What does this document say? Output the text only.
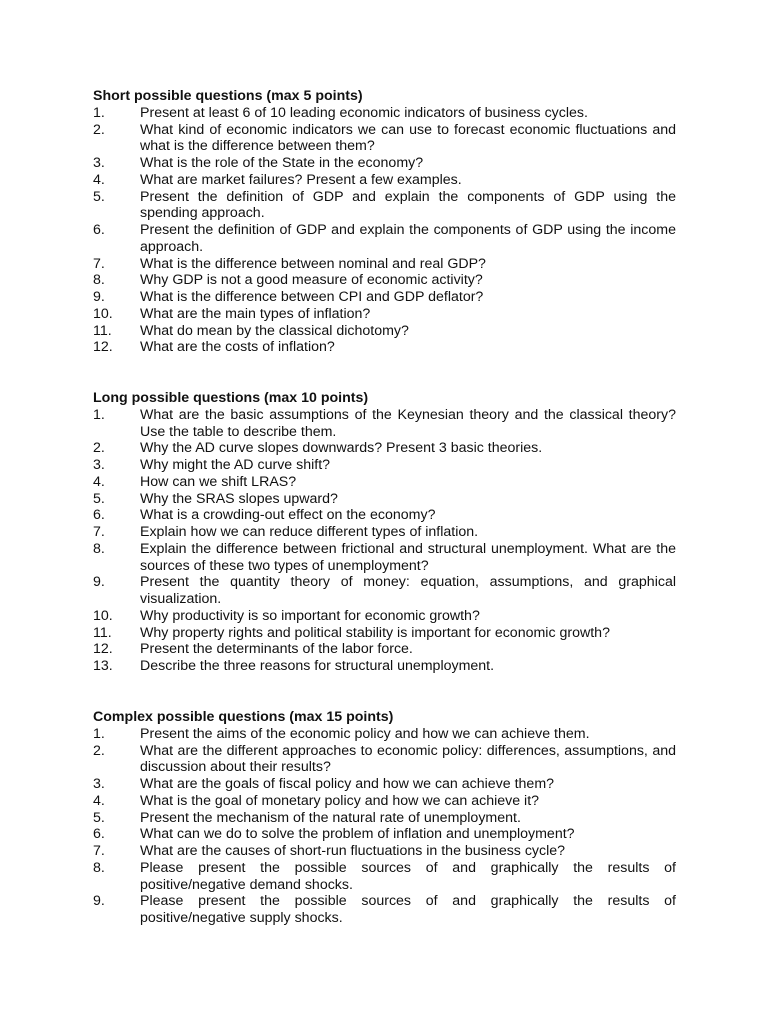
Short possible questions (max 5 points)

1.	Present at least 6 of 10 leading economic indicators of business cycles.
2.	What kind of economic indicators we can use to forecast economic fluctuations and what is the difference between them?
3.	What is the role of the State in the economy?
4.	What are market failures? Present a few examples.
5.	Present the definition of GDP and explain the components of GDP using the spending approach.
6.	Present the definition of GDP and explain the components of GDP using the income approach.
7.	What is the difference between nominal and real GDP?
8.	Why GDP is not a good measure of economic activity?
9.	What is the difference between CPI and GDP deflator?
10.	What are the main types of inflation?
11.	What do mean by the classical dichotomy?
12.	What are the costs of inflation?

Long possible questions (max 10 points)

1.	What are the basic assumptions of the Keynesian theory and the classical theory? Use the table to describe them.
2.	Why the AD curve slopes downwards? Present 3 basic theories.
3.	Why might the AD curve shift?
4.	How can we shift LRAS?
5.	Why the SRAS slopes upward?
6.	What is a crowding-out effect on the economy?
7.	Explain how we can reduce different types of inflation.
8.	Explain the difference between frictional and structural unemployment. What are the sources of these two types of unemployment?
9.	Present the quantity theory of money: equation, assumptions, and graphical visualization.
10.	Why productivity is so important for economic growth?
11.	Why property rights and political stability is important for economic growth?
12.	Present the determinants of the labor force.
13.	Describe the three reasons for structural unemployment.

Complex possible questions (max 15 points)

1.	Present the aims of the economic policy and how we can achieve them.
2.	What are the different approaches to economic policy: differences, assumptions, and discussion about their results?
3.	What are the goals of fiscal policy and how we can achieve them?
4.	What is the goal of monetary policy and how we can achieve it?
5.	Present the mechanism of the natural rate of unemployment.
6.	What can we do to solve the problem of inflation and unemployment?
7.	What are the causes of short-run fluctuations in the business cycle?
8.	Please present the possible sources of and graphically the results of positive/negative demand shocks.
9.	Please present the possible sources of and graphically the results of positive/negative supply shocks.
